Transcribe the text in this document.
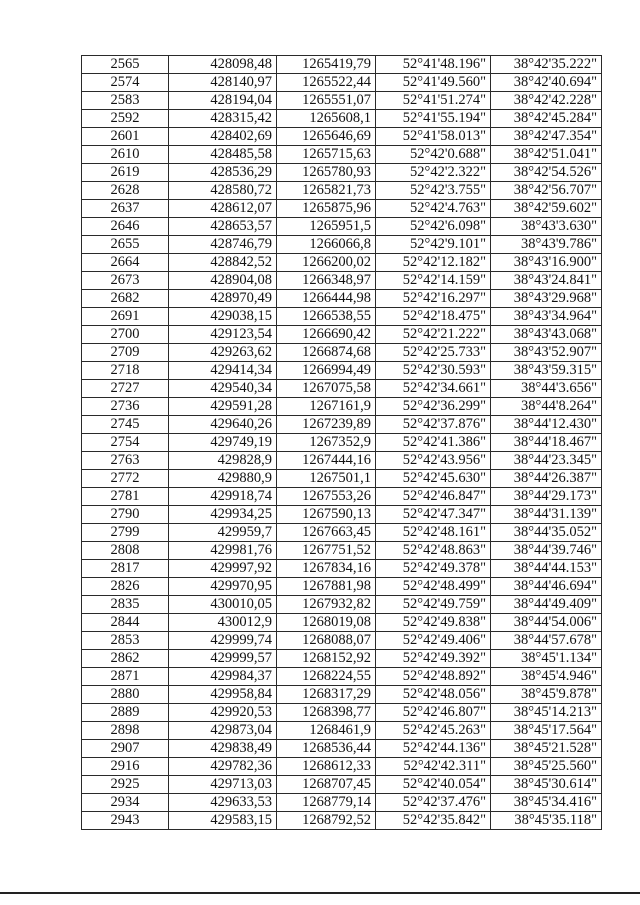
2565	428098,48	1265419,79	52°41'48.196"	38°42'35.222"
2574	428140,97	1265522,44	52°41'49.560"	38°42'40.694"
2583	428194,04	1265551,07	52°41'51.274"	38°42'42.228"
2592	428315,42	1265608,1	52°41'55.194"	38°42'45.284"
2601	428402,69	1265646,69	52°41'58.013"	38°42'47.354"
2610	428485,58	1265715,63	52°42'0.688"	38°42'51.041"
2619	428536,29	1265780,93	52°42'2.322"	38°42'54.526"
2628	428580,72	1265821,73	52°42'3.755"	38°42'56.707"
2637	428612,07	1265875,96	52°42'4.763"	38°42'59.602"
2646	428653,57	1265951,5	52°42'6.098"	38°43'3.630"
2655	428746,79	1266066,8	52°42'9.101"	38°43'9.786"
2664	428842,52	1266200,02	52°42'12.182"	38°43'16.900"
2673	428904,08	1266348,97	52°42'14.159"	38°43'24.841"
2682	428970,49	1266444,98	52°42'16.297"	38°43'29.968"
2691	429038,15	1266538,55	52°42'18.475"	38°43'34.964"
2700	429123,54	1266690,42	52°42'21.222"	38°43'43.068"
2709	429263,62	1266874,68	52°42'25.733"	38°43'52.907"
2718	429414,34	1266994,49	52°42'30.593"	38°43'59.315"
2727	429540,34	1267075,58	52°42'34.661"	38°44'3.656"
2736	429591,28	1267161,9	52°42'36.299"	38°44'8.264"
2745	429640,26	1267239,89	52°42'37.876"	38°44'12.430"
2754	429749,19	1267352,9	52°42'41.386"	38°44'18.467"
2763	429828,9	1267444,16	52°42'43.956"	38°44'23.345"
2772	429880,9	1267501,1	52°42'45.630"	38°44'26.387"
2781	429918,74	1267553,26	52°42'46.847"	38°44'29.173"
2790	429934,25	1267590,13	52°42'47.347"	38°44'31.139"
2799	429959,7	1267663,45	52°42'48.161"	38°44'35.052"
2808	429981,76	1267751,52	52°42'48.863"	38°44'39.746"
2817	429997,92	1267834,16	52°42'49.378"	38°44'44.153"
2826	429970,95	1267881,98	52°42'48.499"	38°44'46.694"
2835	430010,05	1267932,82	52°42'49.759"	38°44'49.409"
2844	430012,9	1268019,08	52°42'49.838"	38°44'54.006"
2853	429999,74	1268088,07	52°42'49.406"	38°44'57.678"
2862	429999,57	1268152,92	52°42'49.392"	38°45'1.134"
2871	429984,37	1268224,55	52°42'48.892"	38°45'4.946"
2880	429958,84	1268317,29	52°42'48.056"	38°45'9.878"
2889	429920,53	1268398,77	52°42'46.807"	38°45'14.213"
2898	429873,04	1268461,9	52°42'45.263"	38°45'17.564"
2907	429838,49	1268536,44	52°42'44.136"	38°45'21.528"
2916	429782,36	1268612,33	52°42'42.311"	38°45'25.560"
2925	429713,03	1268707,45	52°42'40.054"	38°45'30.614"
2934	429633,53	1268779,14	52°42'37.476"	38°45'34.416"
2943	429583,15	1268792,52	52°42'35.842"	38°45'35.118"
